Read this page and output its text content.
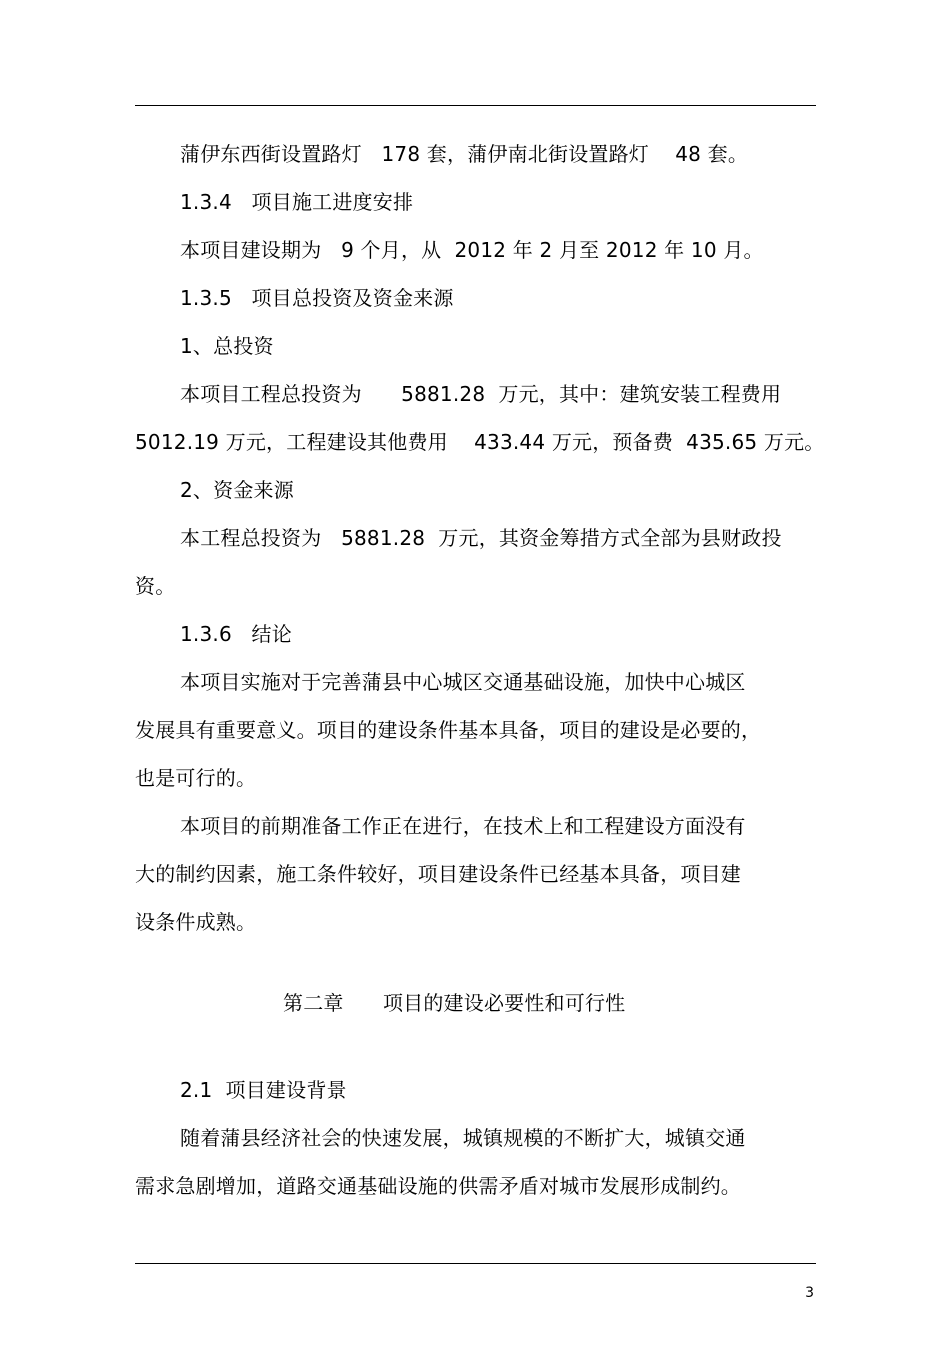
蒲伊东西街设置路灯   178 套，蒲伊南北街设置路灯    48 套。

1.3.4   项目施工进度安排

本项目建设期为   9 个月，从  2012 年 2 月至 2012 年 10 月。

1.3.5   项目总投资及资金来源

1、总投资

本项目工程总投资为      5881.28  万元，其中：建筑安装工程费用

5012.19 万元，工程建设其他费用    433.44 万元，预备费  435.65 万元。

2、资金来源

本工程总投资为   5881.28  万元，其资金筹措方式全部为县财政投

资。

1.3.6   结论

本项目实施对于完善蒲县中心城区交通基础设施，加快中心城区

发展具有重要意义。项目的建设条件基本具备，项目的建设是必要的，

也是可行的。

本项目的前期准备工作正在进行，在技术上和工程建设方面没有

大的制约因素，施工条件较好，项目建设条件已经基本具备，项目建

设条件成熟。

第二章      项目的建设必要性和可行性

2.1  项目建设背景

随着蒲县经济社会的快速发展，城镇规模的不断扩大，城镇交通

需求急剧增加，道路交通基础设施的供需矛盾对城市发展形成制约。

3
